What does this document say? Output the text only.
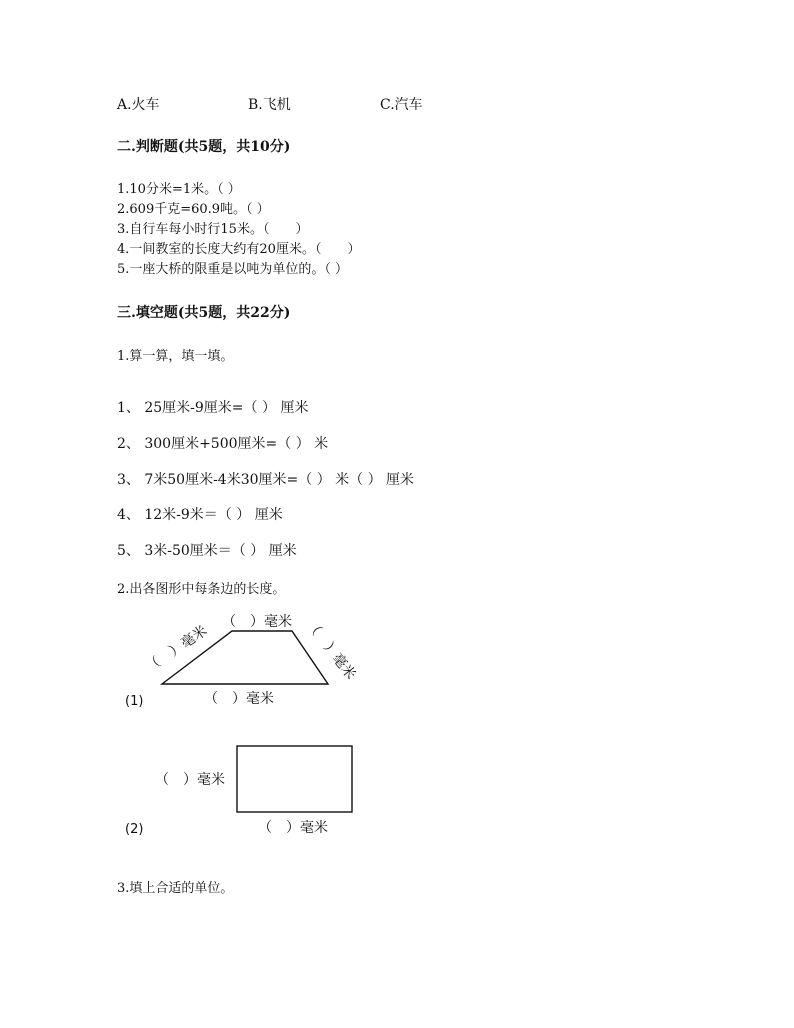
A.火车	B.飞机	C.汽车
二.判断题(共5题，共10分)
1.10分米=1米。（ ）
2.609千克=60.9吨。（ ）
3.自行车每小时行15米。（　　）
4.一间教室的长度大约有20厘米。（　　）
5.一座大桥的限重是以吨为单位的。（ ）
三.填空题(共5题，共22分)
1.算一算，填一填。
1、 25厘米-9厘米=（ ） 厘米
2、 300厘米+500厘米=（ ） 米
3、 7米50厘米-4米30厘米=（ ） 米（ ） 厘米
4、 12米-9米＝（ ） 厘米
5、 3米-50厘米＝（ ） 厘米
2.出各图形中每条边的长度。
（　）毫米
（　）毫米	（　）毫米
（　）毫米
(1)
（　）毫米
（　）毫米
(2)
3.填上合适的单位。
